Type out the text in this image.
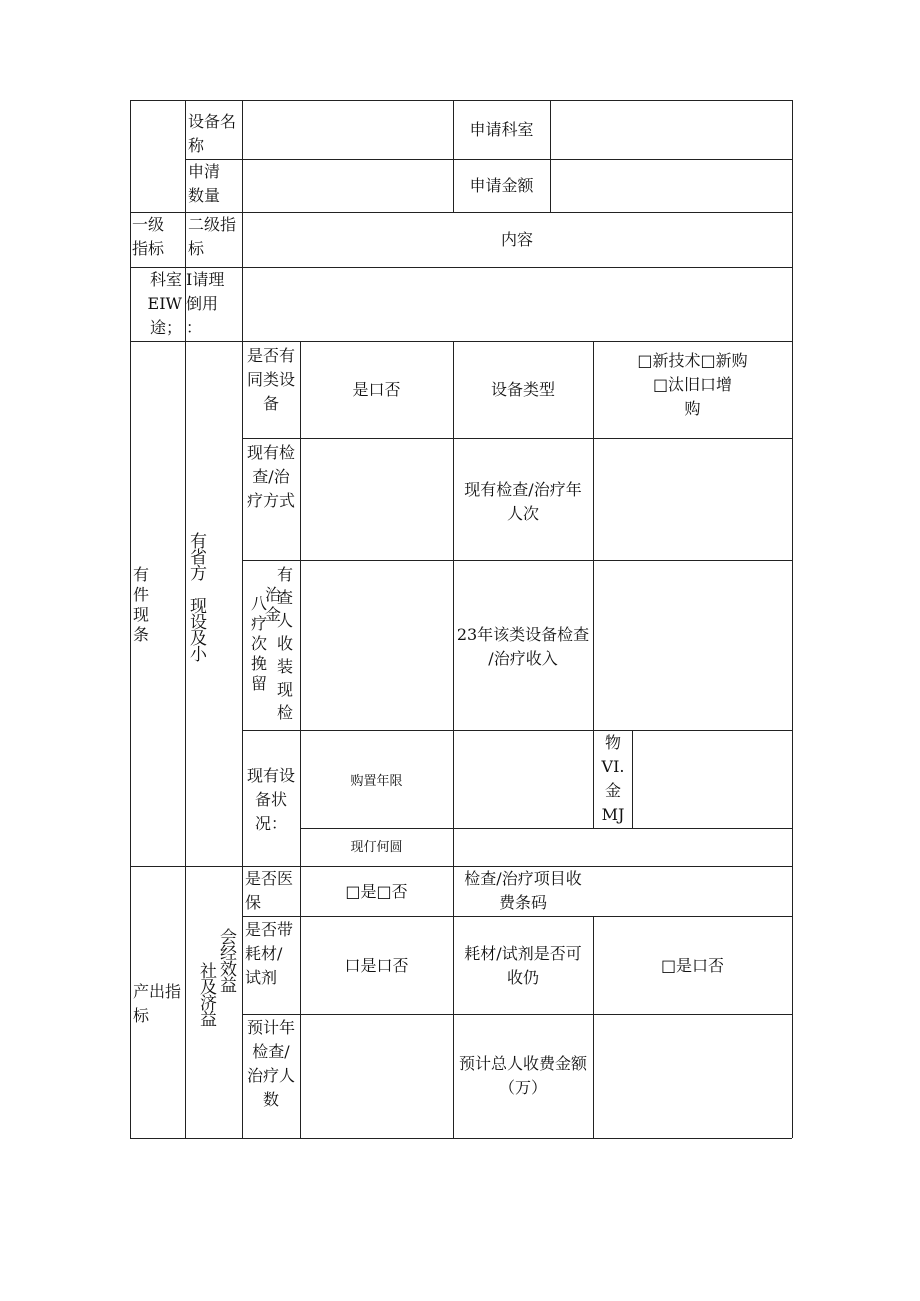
设备名
称
申请科室
申清
数量
申请金额
一级
指标
二级指
标	内容
科室
EIW
途；
I请理
倒用
：
有
件
现
条
有省方
现设及小
是否有
同类设
备
是口否	设备类型
□新技术□新购
□汰旧口增
购
现有检
查/治
疗方式
现有检查/治疗年
人次
八
疗
次
挽
留
治
金
有
查
人
收
装
现
检
23年该类设备检查
/治疗收入
现有设
备状
况：
购置年限
物
VI.
金
MJ
现仃何圆
产出指
标
会经效益
社及济益
是否医
保
□是□否
检查/治疗项目收
费条码
是否带
耗材/
试剂
口是口否
耗材/试剂是否可
收仍
□是口否
预计年
检查/
治疗人
数
预计总人收费金额
（万）
